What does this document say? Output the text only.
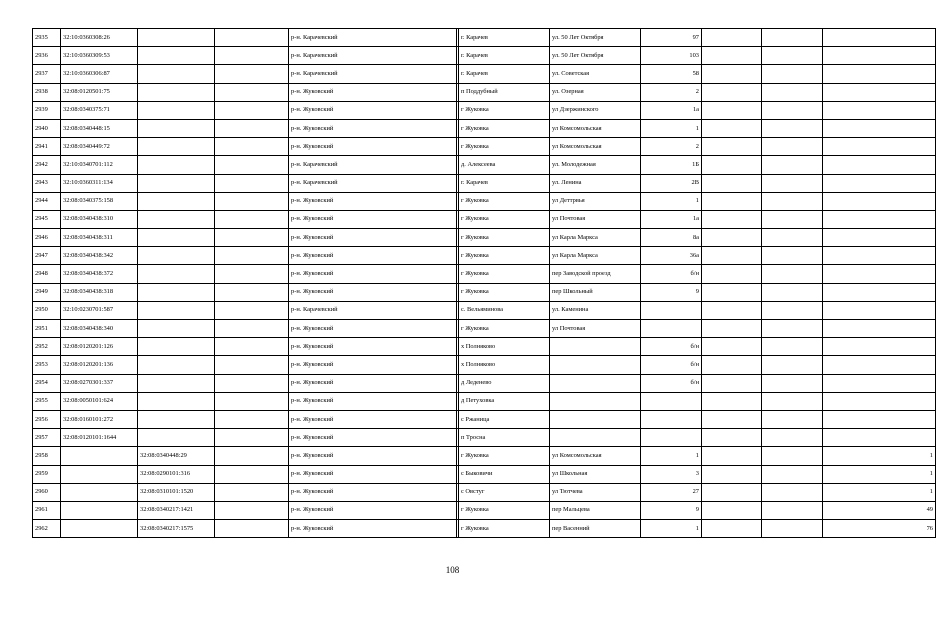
2935	32:10:0360308:26			р-н. Карачевский		г. Карачев	ул. 50 Лет Октября	97			
2936	32:10:0360309:53			р-н. Карачевский		г. Карачев	ул. 50 Лет Октября	103			
2937	32:10:0360306:87			р-н. Карачевский		г. Карачев	ул. Советская	58			
2938	32:08:0120501:75			р-н. Жуковский		п Поддубный	ул. Озерная	2			
2939	32:08:0340375:71			р-н. Жуковский		г Жуковка	ул Дзержинского	1а			
2940	32:08:0340448:15			р-н. Жуковский		г Жуковка	ул Комсомольская	1			
2941	32:08:0340449:72			р-н. Жуковский		г Жуковка	ул Комсомольская	2			
2942	32:10:0340701:112			р-н. Карачевский		д. Алексеева	ул. Молодежная	1Б			
2943	32:10:0360311:134			р-н. Карачевский		г. Карачев	ул. Ленина	2В			
2944	32:08:0340375:158			р-н. Жуковский		г Жуковка	ул Деттрвья	1			
2945	32:08:0340438:310			р-н. Жуковский		г Жуковка	ул Почтовая	1а			
2946	32:08:0340438:311			р-н. Жуковский		г Жуковка	ул Карла Маркса	8а			
2947	32:08:0340438:342			р-н. Жуковский		г Жуковка	ул Карла Маркса	36а			
2948	32:08:0340438:372			р-н. Жуковский		г Жуковка	пер Заводской проезд	б/н			
2949	32:08:0340438:318			р-н. Жуковский		г Жуковка	пер Школьный	9			
2950	32:10:0230701:587			р-н. Карачевский		с. Вельяминова	ул. Каменина				
2951	32:08:0340438:340			р-н. Жуковский		г Жуковка	ул Почтовая				
2952	32:08:0120201:126			р-н. Жуковский		х Полняково		б/н			
2953	32:08:0120201:136			р-н. Жуковский		х Полняково		б/н			
2954	32:08:0270301:337			р-н. Жуковский		д Леденево		б/н			
2955	32:08:0050101:624			р-н. Жуковский		д Петуховка					
2956	32:08:0160101:272			р-н. Жуковский		с Ржаница					
2957	32:08:0120101:1644			р-н. Жуковский		п Тросна					
2958		32:08:0340448:29		р-н. Жуковский		г Жуковка	ул Комсомольская	1			1
2959		32:08:0290101:316		р-н. Жуковский		с Быковичи	ул Школьная	3			1
2960		32:08:0310101:1520		р-н. Жуковский		с Овстуг	ул Тютчева	27			1
2961		32:08:0340217:1421		р-н. Жуковский		г Жуковка	пер Мальцева	9			49
2962		32:08:0340217:1575		р-н. Жуковский		г Жуковка	пер Васенний	1			76
108
